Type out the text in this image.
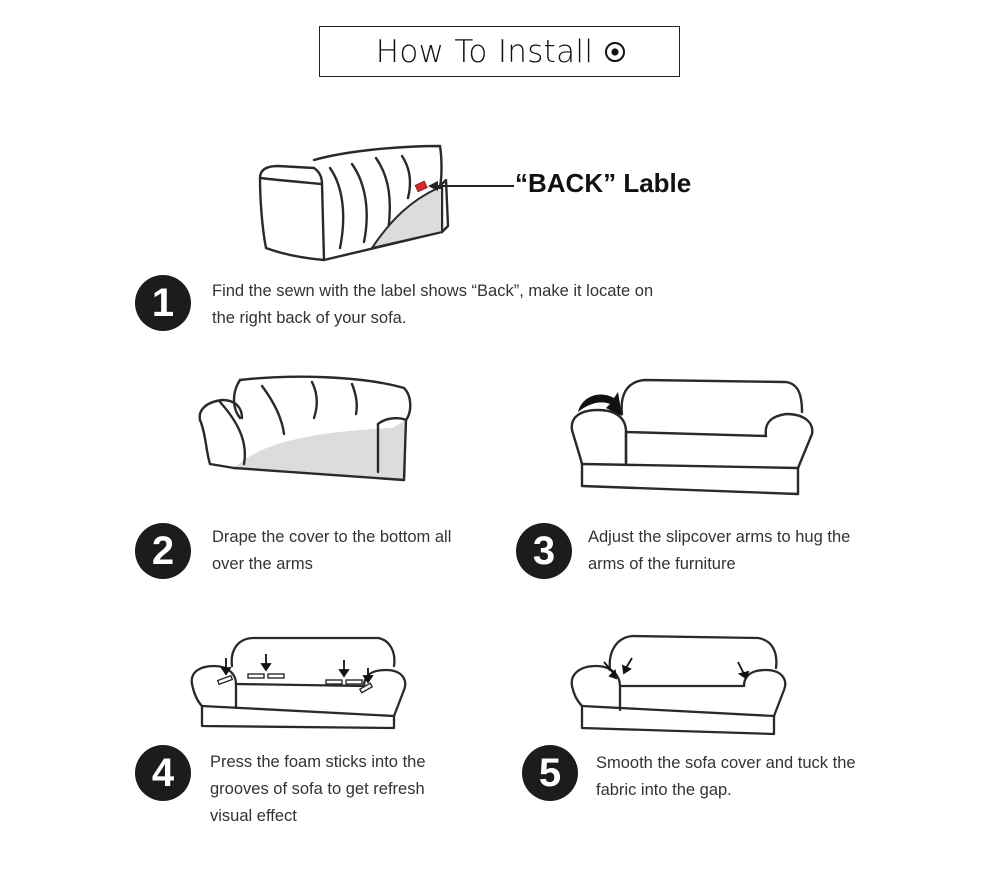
How To Install
“BACK” Lable
1	Find the sewn with the label shows “Back”, make it locate on
the right back of your sofa.
2	Drape the cover to the bottom all
over the arms	3	Adjust the slipcover arms to hug the
arms of the furniture
4	Press the foam sticks into the
grooves of sofa to get refresh
visual effect
5	Smooth the sofa cover and tuck the
fabric into the gap.
